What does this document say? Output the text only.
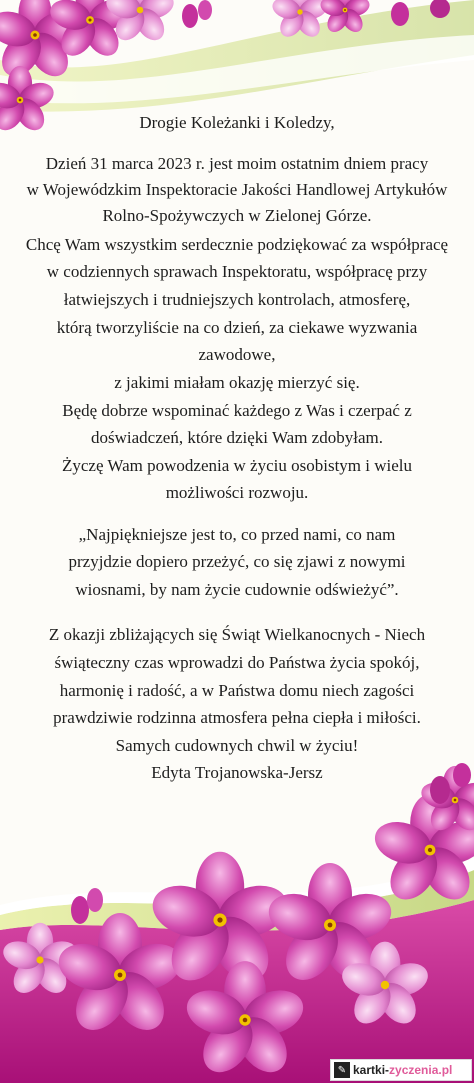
Drogie Koleżanki i Koledzy,
Dzień 31 marca 2023 r. jest moim ostatnim dniem pracy
w Wojewódzkim Inspektoracie Jakości Handlowej Artykułów
Rolno-Spożywczych w Zielonej Górze.
Chcę Wam wszystkim serdecznie podziękować za współpracę
w codziennych sprawach Inspektoratu, współpracę przy
łatwiejszych i trudniejszych kontrolach, atmosferę,
którą tworzyliście na co dzień, za ciekawe wyzwania
zawodowe,
z jakimi miałam okazję mierzyć się.
Będę dobrze wspominać każdego z Was i czerpać z
doświadczeń, które dzięki Wam zdobyłam.
Życzę Wam powodzenia w życiu osobistym i wielu
możliwości rozwoju.
„Najpiękniejsze jest to, co przed nami, co nam
przyjdzie dopiero przeżyć, co się zjawi z nowymi
wiosnami, by nam życie cudownie odświeżyć”.
Z okazji zbliżających się Świąt Wielkanocnych - Niech
świąteczny czas wprowadzi do Państwa życia spokój,
harmonię i radość, a w Państwa domu niech zagości
prawdziwie rodzinna atmosfera pełna ciepła i miłości.
Samych cudownych chwil w życiu!
Edyta Trojanowska-Jersz
✎ kartki- zyczenia.pl
